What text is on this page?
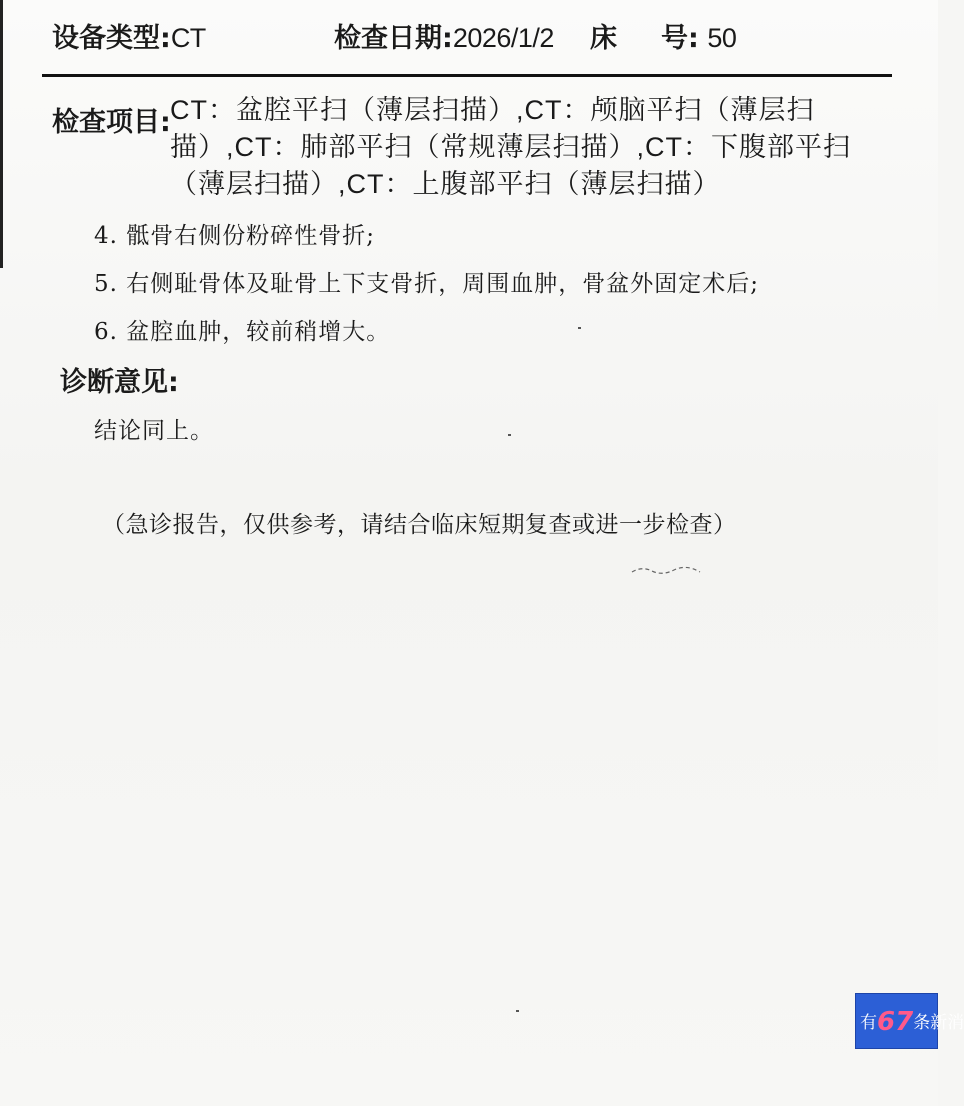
设备类型:CT	检查日期:2026/1/2 床 号: 50
检查项目: CT：盆腔平扫（薄层扫描）,CT：颅脑平扫（薄层扫描）,CT：肺部平扫（常规薄层扫描）,CT：下腹部平扫（薄层扫描）,CT：上腹部平扫（薄层扫描）
4. 骶骨右侧份粉碎性骨折;
5. 右侧耻骨体及耻骨上下支骨折，周围血肿，骨盆外固定术后;
6. 盆腔血肿，较前稍增大。
诊断意见:
结论同上。
（急诊报告，仅供参考，请结合临床短期复查或进一步检查）
有67条新消
